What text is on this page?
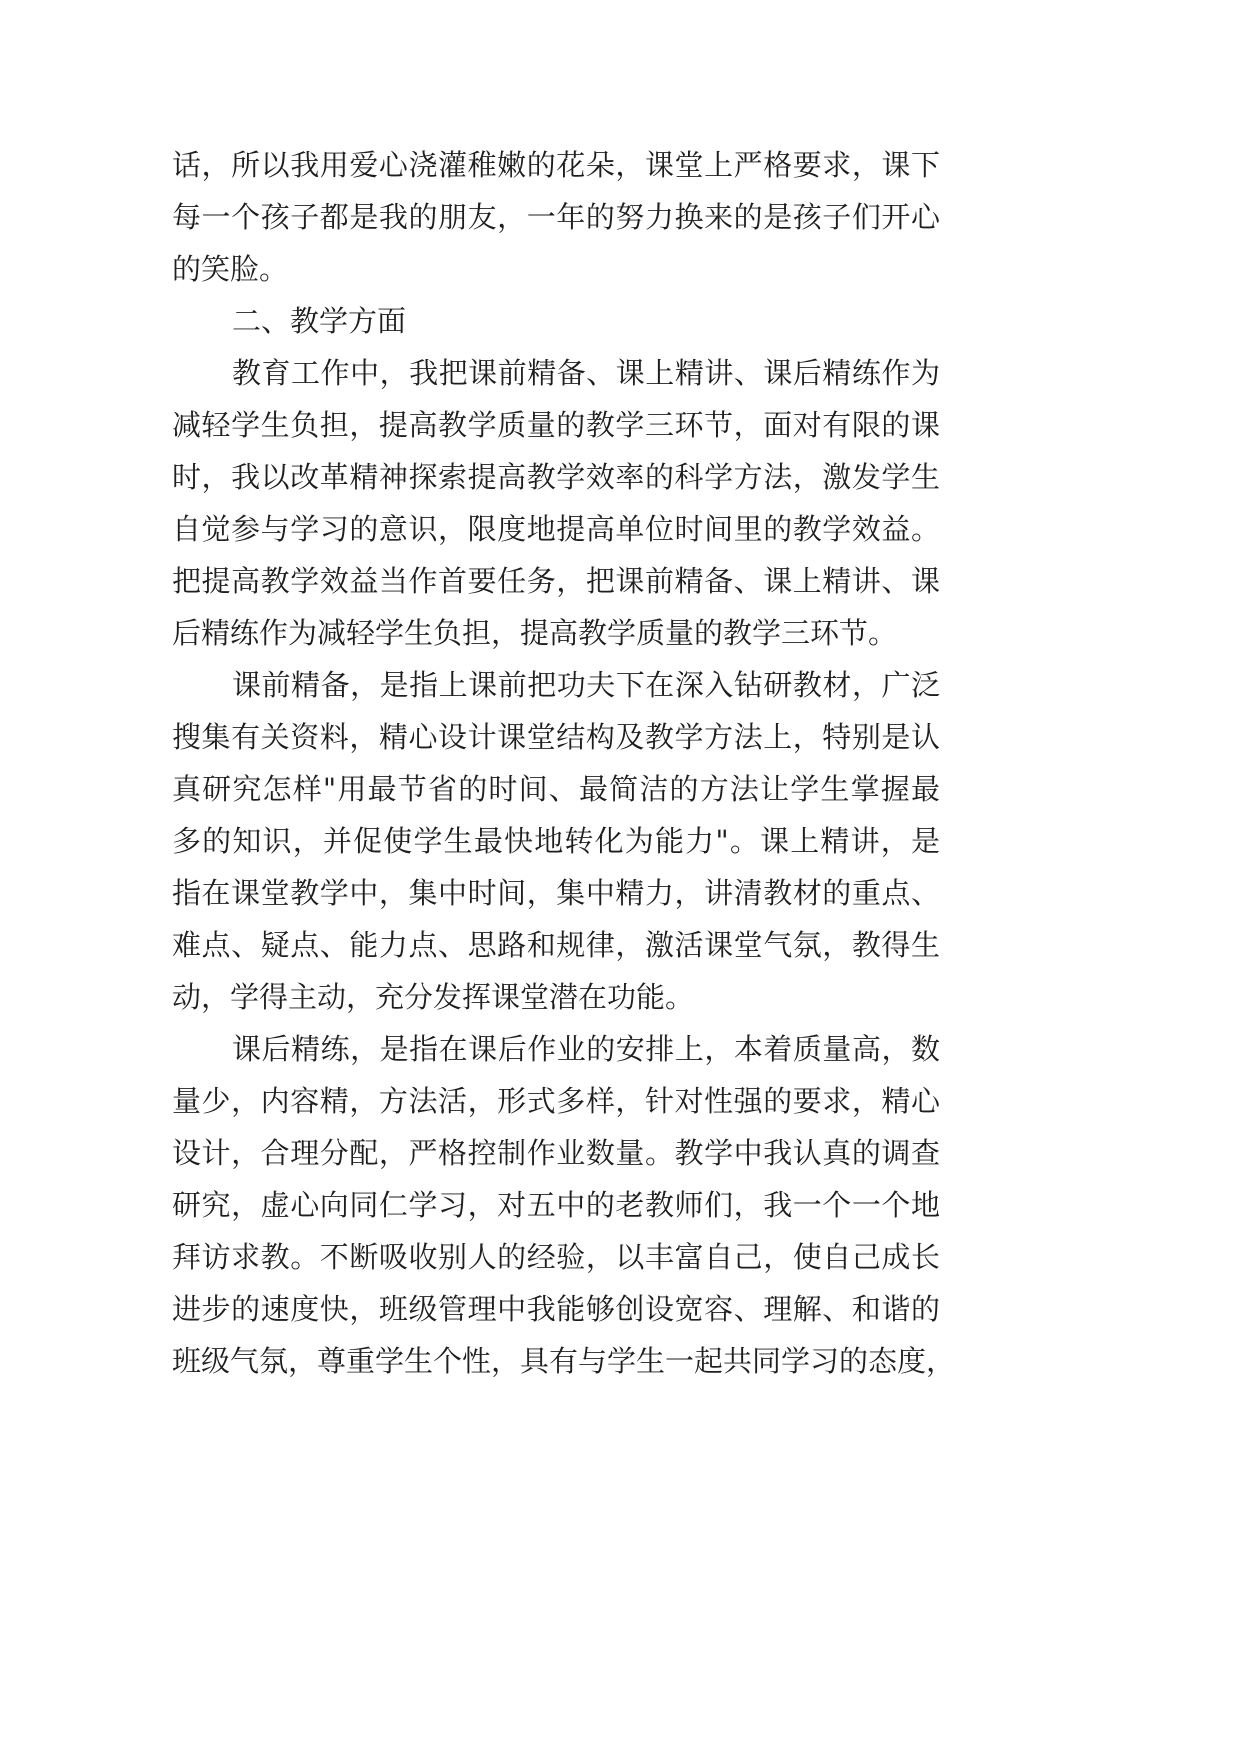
话，所以我用爱心浇灌稚嫩的花朵，课堂上严格要求，课下
每一个孩子都是我的朋友，一年的努力换来的是孩子们开心
的笑脸。
二、教学方面
教育工作中，我把课前精备、课上精讲、课后精练作为
减轻学生负担，提高教学质量的教学三环节，面对有限的课
时，我以改革精神探索提高教学效率的科学方法，激发学生
自觉参与学习的意识，限度地提高单位时间里的教学效益。
把提高教学效益当作首要任务，把课前精备、课上精讲、课
后精练作为减轻学生负担，提高教学质量的教学三环节。
课前精备，是指上课前把功夫下在深入钻研教材，广泛
搜集有关资料，精心设计课堂结构及教学方法上，特别是认
真研究怎样"用最节省的时间、最简洁的方法让学生掌握最
多的知识，并促使学生最快地转化为能力"。课上精讲，是
指在课堂教学中，集中时间，集中精力，讲清教材的重点、
难点、疑点、能力点、思路和规律，激活课堂气氛，教得生
动，学得主动，充分发挥课堂潜在功能。
课后精练，是指在课后作业的安排上，本着质量高，数
量少，内容精，方法活，形式多样，针对性强的要求，精心
设计，合理分配，严格控制作业数量。教学中我认真的调查
研究，虚心向同仁学习，对五中的老教师们，我一个一个地
拜访求教。不断吸收别人的经验，以丰富自己，使自己成长
进步的速度快，班级管理中我能够创设宽容、理解、和谐的
班级气氛，尊重学生个性，具有与学生一起共同学习的态度，
